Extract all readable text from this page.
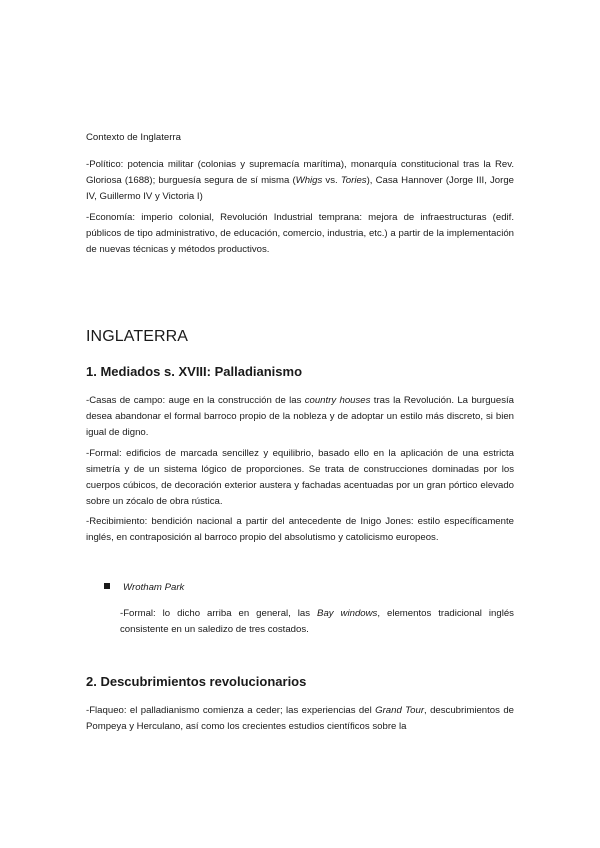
Contexto de Inglaterra

-Político: potencia militar (colonias y supremacía marítima), monarquía constitucional tras la Rev. Gloriosa (1688); burguesía segura de sí misma (Whigs vs. Tories), Casa Hannover (Jorge III, Jorge IV, Guillermo IV y Victoria I)

-Economía: imperio colonial, Revolución Industrial temprana: mejora de infraestructuras (edif. públicos de tipo administrativo, de educación, comercio, industria, etc.) a partir de la implementación de nuevas técnicas y métodos productivos.

INGLATERRA
1. Mediados s. XVIII: Palladianismo

-Casas de campo: auge en la construcción de las country houses tras la Revolución. La burguesía desea abandonar el formal barroco propio de la nobleza y de adoptar un estilo más discreto, si bien igual de digno.

-Formal: edificios de marcada sencillez y equilibrio, basado ello en la aplicación de una estricta simetría y de un sistema lógico de proporciones. Se trata de construcciones dominadas por los cuerpos cúbicos, de decoración exterior austera y fachadas acentuadas por un gran pórtico elevado sobre un zócalo de obra rústica.

-Recibimiento: bendición nacional a partir del antecedente de Inigo Jones: estilo específicamente inglés, en contraposición al barroco propio del absolutismo y catolicismo europeos.

Wrotham Park

-Formal: lo dicho arriba en general, las Bay windows, elementos tradicional inglés consistente en un saledizo de tres costados.

2. Descubrimientos revolucionarios

-Flaqueo: el palladianismo comienza a ceder; las experiencias del Grand Tour, descubrimientos de Pompeya y Herculano, así como los crecientes estudios científicos sobre la
